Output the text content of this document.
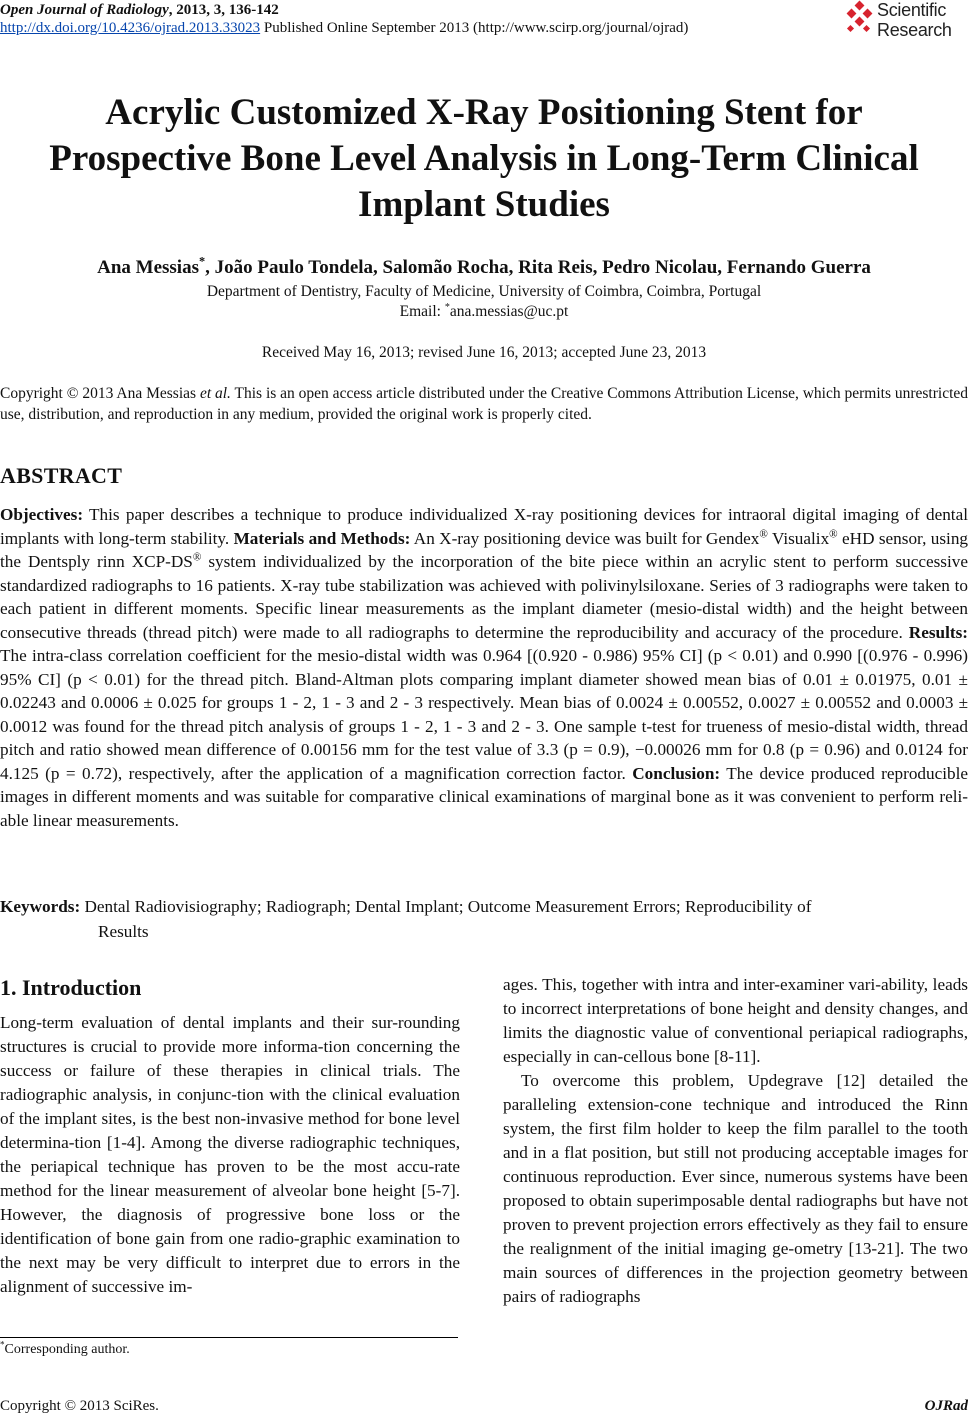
Open Journal of Radiology, 2013, 3, 136-142
http://dx.doi.org/10.4236/ojrad.2013.33023 Published Online September 2013 (http://www.scirp.org/journal/ojrad)
Scientific
Research
Acrylic Customized X-Ray Positioning Stent for
Prospective Bone Level Analysis in Long-Term Clinical
Implant Studies
Ana Messias*, João Paulo Tondela, Salomão Rocha, Rita Reis, Pedro Nicolau, Fernando Guerra
Department of Dentistry, Faculty of Medicine, University of Coimbra, Coimbra, Portugal
Email: *ana.messias@uc.pt
Received May 16, 2013; revised June 16, 2013; accepted June 23, 2013
Copyright © 2013 Ana Messias et al. This is an open access article distributed under the Creative Commons Attribution License, which permits unrestricted use, distribution, and reproduction in any medium, provided the original work is properly cited.
ABSTRACT
Objectives: This paper describes a technique to produce individualized X-ray positioning devices for intraoral digital imaging of dental implants with long-term stability. Materials and Methods: An X-ray positioning device was built for Gendex® Visualix® eHD sensor, using the Dentsply rinn XCP-DS® system individualized by the incorporation of the bite piece within an acrylic stent to perform successive standardized radiographs to 16 patients. X-ray tube stabilization was achieved with polivinylsiloxane. Series of 3 radiographs were taken to each patient in different moments. Specific linear measurements as the implant diameter (mesio-distal width) and the height between consecutive threads (thread pitch) were made to all radiographs to determine the reproducibility and accuracy of the procedure. Results: The intra-class correlation coefficient for the mesio-distal width was 0.964 [(0.920 - 0.986) 95% CI] (p < 0.01) and 0.990 [(0.976 - 0.996) 95% CI] (p < 0.01) for the thread pitch. Bland-Altman plots comparing implant diameter showed mean bias of 0.01 ± 0.01975, 0.01 ± 0.02243 and 0.0006 ± 0.025 for groups 1 - 2, 1 - 3 and 2 - 3 respectively. Mean bias of 0.0024 ± 0.00552, 0.0027 ± 0.00552 and 0.0003 ± 0.0012 was found for the thread pitch analysis of groups 1 - 2, 1 - 3 and 2 - 3. One sample t-test for trueness of mesio-distal width, thread pitch and ratio showed mean difference of 0.00156 mm for the test value of 3.3 (p = 0.9), −0.00026 mm for 0.8 (p = 0.96) and 0.0124 for 4.125 (p = 0.72), respectively, after the application of a magnification correction factor. Conclusion: The device produced reproducible images in different moments and was suitable for comparative clinical examinations of marginal bone as it was convenient to perform reli-able linear measurements.
Keywords: Dental Radiovisiography; Radiograph; Dental Implant; Outcome Measurement Errors; Reproducibility of
Results
1. Introduction
Long-term evaluation of dental implants and their sur-rounding structures is crucial to provide more informa-tion concerning the success or failure of these therapies in clinical trials. The radiographic analysis, in conjunc-tion with the clinical evaluation of the implant sites, is the best non-invasive method for bone level determina-tion [1-4]. Among the diverse radiographic techniques, the periapical technique has proven to be the most accu-rate method for the linear measurement of alveolar bone height [5-7]. However, the diagnosis of progressive bone loss or the identification of bone gain from one radio-graphic examination to the next may be very difficult to interpret due to errors in the alignment of successive im-
ages. This, together with intra and inter-examiner vari-ability, leads to incorrect interpretations of bone height and density changes, and limits the diagnostic value of conventional periapical radiographs, especially in can-cellous bone [8-11].
To overcome this problem, Updegrave [12] detailed the paralleling extension-cone technique and introduced the Rinn system, the first film holder to keep the film parallel to the tooth and in a flat position, but still not producing acceptable images for continuous reproduction. Ever since, numerous systems have been proposed to obtain superimposable dental radiographs but have not proven to prevent projection errors effectively as they fail to ensure the realignment of the initial imaging ge-ometry [13-21]. The two main sources of differences in the projection geometry between pairs of radiographs
*Corresponding author.
Copyright © 2013 SciRes.	OJRad
